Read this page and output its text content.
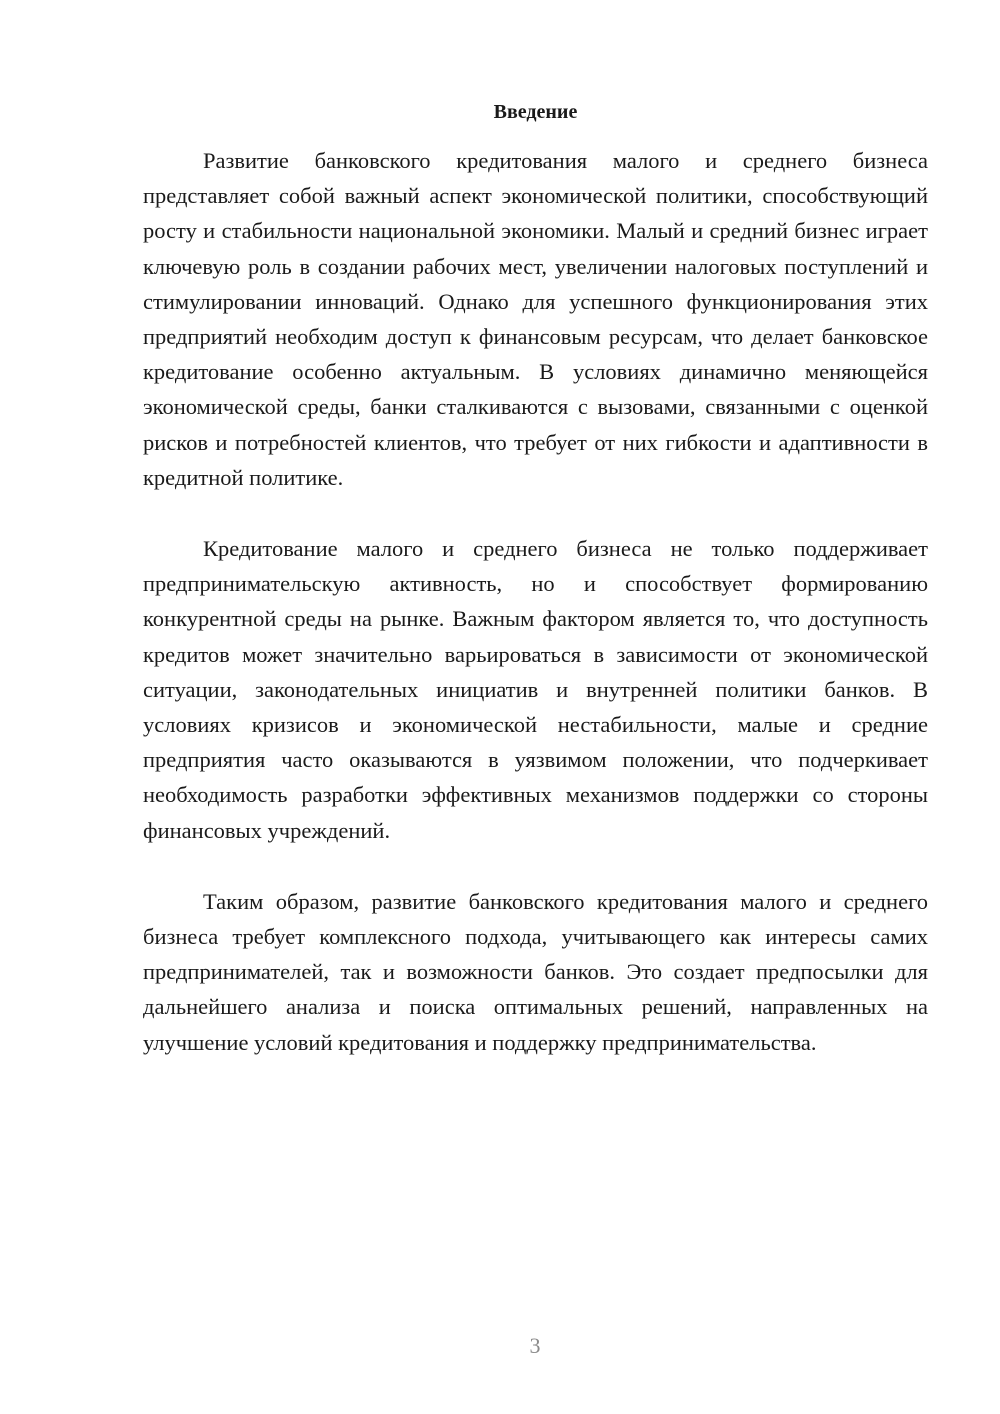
Введение

Развитие банковского кредитования малого и среднего бизнеса представляет собой важный аспект экономической политики, способствующий росту и стабильности национальной экономики. Малый и средний бизнес играет ключевую роль в создании рабочих мест, увеличении налоговых поступлений и стимулировании инноваций. Однако для успешного функционирования этих предприятий необходим доступ к финансовым ресурсам, что делает банковское кредитование особенно актуальным. В условиях динамично меняющейся экономической среды, банки сталкиваются с вызовами, связанными с оценкой рисков и потребностей клиентов, что требует от них гибкости и адаптивности в кредитной политике.

Кредитование малого и среднего бизнеса не только поддерживает предпринимательскую активность, но и способствует формированию конкурентной среды на рынке. Важным фактором является то, что доступность кредитов может значительно варьироваться в зависимости от экономической ситуации, законодательных инициатив и внутренней политики банков. В условиях кризисов и экономической нестабильности, малые и средние предприятия часто оказываются в уязвимом положении, что подчеркивает необходимость разработки эффективных механизмов поддержки со стороны финансовых учреждений.

Таким образом, развитие банковского кредитования малого и среднего бизнеса требует комплексного подхода, учитывающего как интересы самих предпринимателей, так и возможности банков. Это создает предпосылки для дальнейшего анализа и поиска оптимальных решений, направленных на улучшение условий кредитования и поддержку предпринимательства.

3
